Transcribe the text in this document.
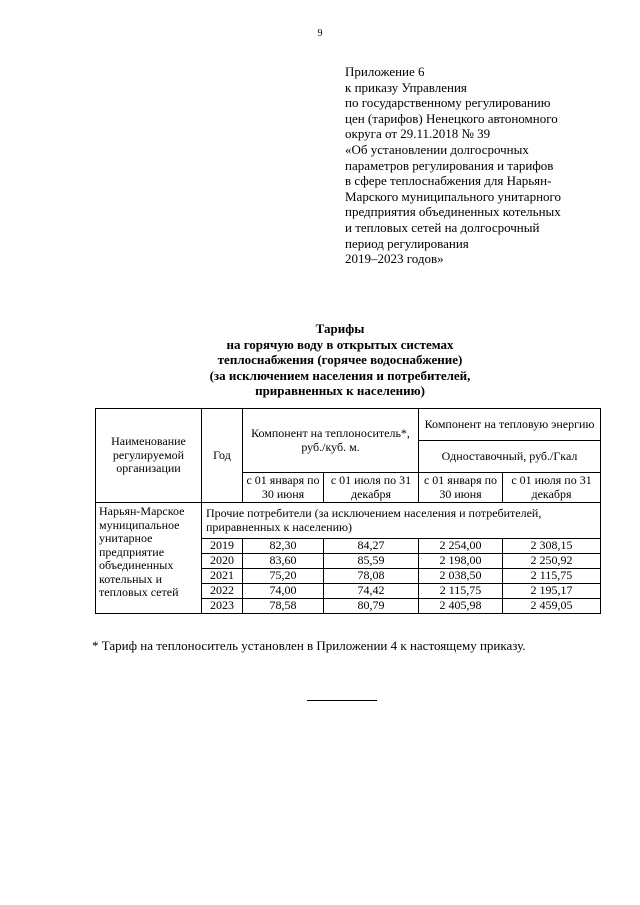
9
Приложение 6
к приказу Управления
по государственному регулированию
цен (тарифов) Ненецкого автономного
округа от 29.11.2018 № 39
«Об установлении долгосрочных
параметров регулирования и тарифов
в сфере теплоснабжения для Нарьян-
Марского муниципального унитарного
предприятия объединенных котельных
и тепловых сетей на долгосрочный
период регулирования
2019–2023 годов»
Тарифы
на горячую воду в открытых системах
теплоснабжения (горячее водоснабжение)
(за исключением населения и потребителей,
приравненных к населению)
Наименование регулируемой организации	Год	Компонент на теплоноситель*, руб./куб. м.		Компонент на тепловую энергию	
				Одноставочный, руб./Гкал	
		с 01 января по 30 июня	с 01 июля по 31 декабря	с 01 января по 30 июня	с 01 июля по 31 декабря
Нарьян-Марское муниципальное унитарное предприятие объединенных котельных и тепловых сетей	Прочие потребители (за исключением населения и потребителей, приравненных к населению)				
	2019	82,30	84,27	2 254,00	2 308,15
	2020	83,60	85,59	2 198,00	2 250,92
	2021	75,20	78,08	2 038,50	2 115,75
	2022	74,00	74,42	2 115,75	2 195,17
	2023	78,58	80,79	2 405,98	2 459,05
* Тариф на теплоноситель установлен в Приложении 4 к настоящему приказу.
